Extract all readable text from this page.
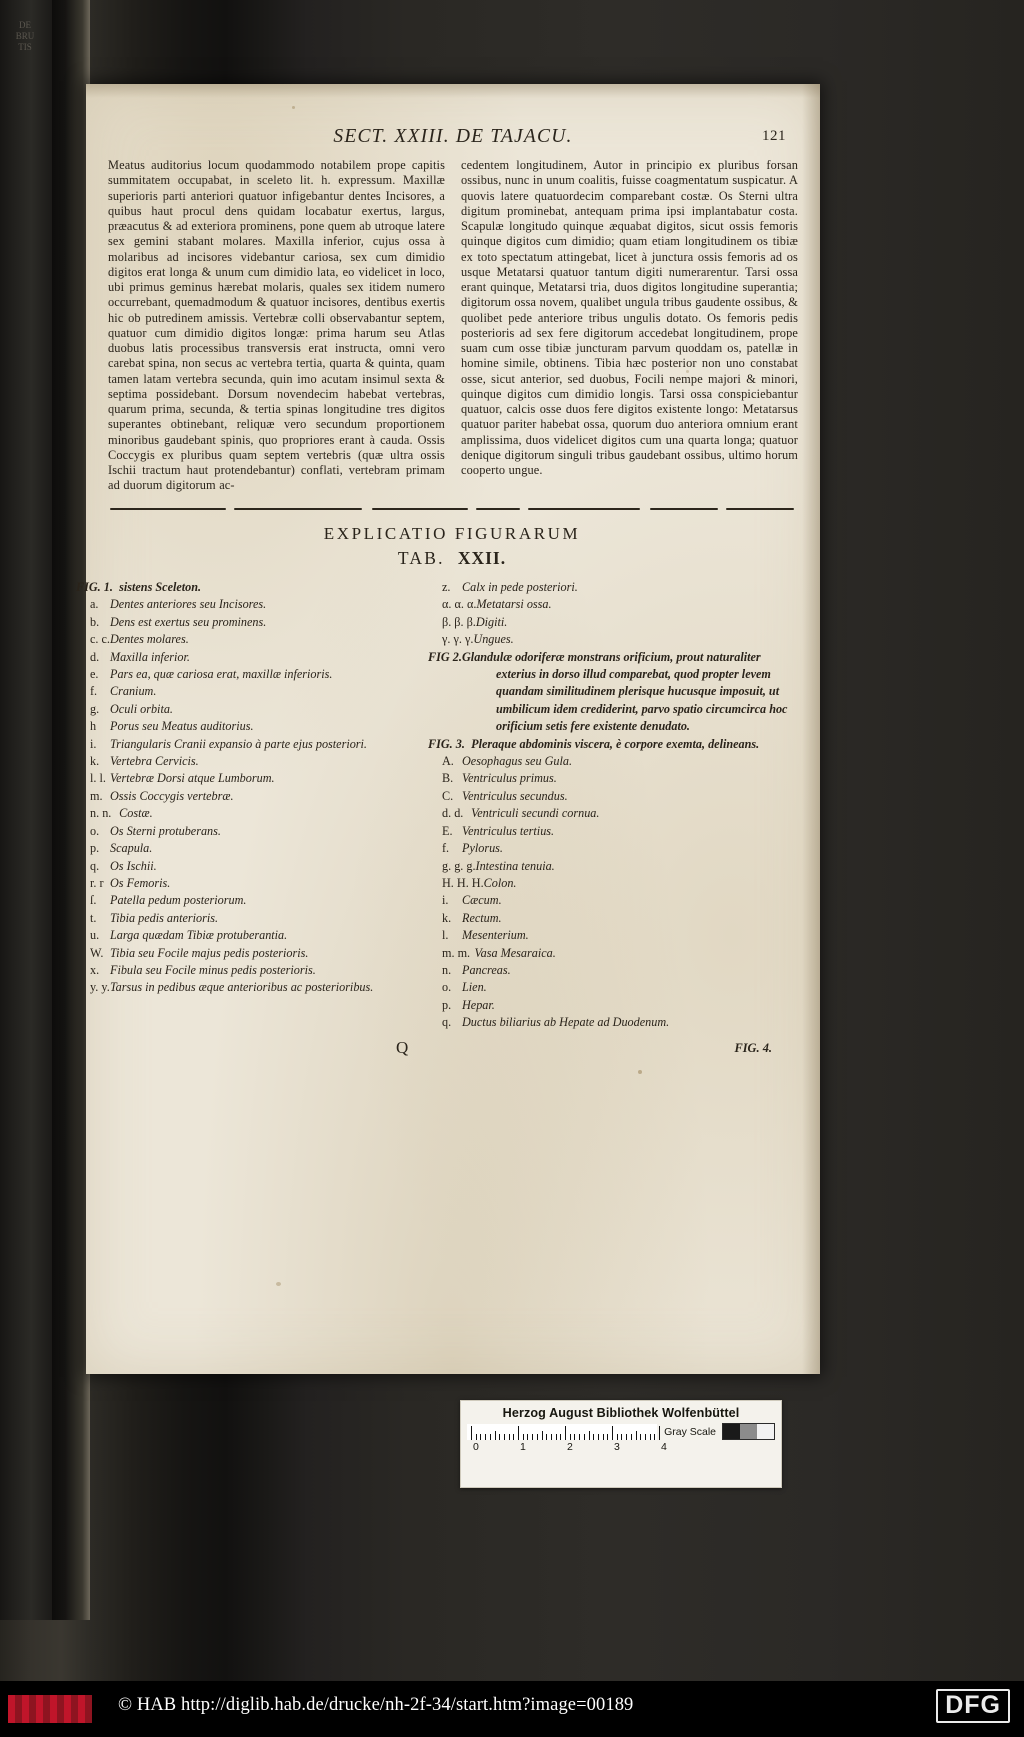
DE
BRU
TIS
SECT. XXIII. DE TAJACU.	121

Meatus auditorius locum quodammodo notabilem prope capitis summitatem occupabat, in sceleto lit. h. expressum. Maxillæ superioris parti anteriori quatuor infigebantur dentes Incisores, a quibus haut procul dens quidam locabatur exertus, largus, præacutus & ad exteriora prominens, pone quem ab utroque latere sex gemini stabant molares. Maxilla inferior, cujus ossa à molaribus ad incisores videbantur cariosa, sex cum dimidio digitos erat longa & unum cum dimidio lata, eo videlicet in loco, ubi primus geminus hærebat molaris, quales sex itidem numero occurrebant, quemadmodum & quatuor incisores, dentibus exertis hic ob putredinem amissis. Vertebræ colli observabantur septem, quatuor cum dimidio digitos longæ: prima harum seu Atlas duobus latis processibus transversis erat instructa, omni vero carebat spina, non secus ac vertebra tertia, quarta & quinta, quam tamen latam vertebra secunda, quin imo acutam insimul sexta & septima possidebant. Dorsum novendecim habebat vertebras, quarum prima, secunda, & tertia spinas longitudine tres digitos superantes obtinebant, reliquæ vero secundum proportionem minoribus gaudebant spinis, quo propriores erant à cauda. Ossis Coccygis ex pluribus quam septem vertebris (quæ ultra ossis Ischii tractum haut protendebantur) conflati, vertebram primam ad duorum digitorum ac-

cedentem longitudinem, Autor in principio ex pluribus forsan ossibus, nunc in unum coalitis, fuisse coagmentatum suspicatur. A quovis latere quatuordecim comparebant costæ. Os Sterni ultra digitum prominebat, antequam prima ipsi implantabatur costa. Scapulæ longitudo quinque æquabat digitos, sicut ossis femoris quinque digitos cum dimidio; quam etiam longitudinem os tibiæ ex toto spectatum attingebat, licet à junctura ossis femoris ad os usque Metatarsi quatuor tantum digiti numerarentur. Tarsi ossa erant quinque, Metatarsi tria, duos digitos longitudine superantia; digitorum ossa novem, qualibet ungula tribus gaudente ossibus, & quolibet pede anteriore tribus ungulis dotato. Os femoris pedis posterioris ad sex fere digitorum accedebat longitudinem, prope suam cum osse tibiæ juncturam parvum quoddam os, patellæ in homine simile, obtinens. Tibia hæc posterior non uno constabat osse, sicut anterior, sed duobus, Focili nempe majori & minori, quinque digitos cum dimidio longis. Tarsi ossa conspiciebantur quatuor, calcis osse duos fere digitos existente longo: Metatarsus quatuor pariter habebat ossa, quorum duo anteriora omnium erant amplissima, duos videlicet digitos cum una quarta longa; quatuor denique digitorum singuli tribus gaudebant ossibus, ultimo horum cooperto ungue.

EXPLICATIO FIGURARUM
TAB. XXII.
FIG. 1.sistens Sceleton.
a.Dentes anteriores seu Incisores.
b.Dens est exertus seu prominens.
c. c.Dentes molares.
d.Maxilla inferior.
e.Pars ea, quæ cariosa erat, maxillæ inferioris.
f.Cranium.
g.Oculi orbita.
hPorus seu Meatus auditorius.
i.Triangularis Cranii expansio à parte ejus posteriori.
k.Vertebra Cervicis.
l. l.Vertebræ Dorsi atque Lumborum.
m.Ossis Coccygis vertebræ.
n. n.Costæ.
o.Os Sterni protuberans.
p.Scapula.
q.Os Ischii.
r. rOs Femoris.
ſ.Patella pedum posteriorum.
t.Tibia pedis anterioris.
u.Larga quædam Tibiæ protuberantia.
W.Tibia seu Focile majus pedis posterioris.
x.Fibula seu Focile minus pedis posterioris.
y. y.Tarsus in pedibus æque anterioribus ac posterioribus.
z.Calx in pede posteriori.
α. α. α.Metatarsi ossa.
β. β. β.Digiti.
γ. γ. γ.Ungues.
FIG 2.Glandulæ odoriferæ monstrans orificium, prout naturaliter exterius in dorso illud comparebat, quod propter levem quandam similitudinem plerisque hucusque imposuit, ut umbilicum idem crediderint, parvo spatio circumcirca hoc orificium setis fere existente denudato.
FIG. 3.Pleraque abdominis viscera, è corpore exemta, delineans.
A.Oesophagus seu Gula.
B.Ventriculus primus.
C.Ventriculus secundus.
d. d.Ventriculi secundi cornua.
E.Ventriculus tertius.
f.Pylorus.
g. g. g.Intestina tenuia.
H. H. H.Colon.
i.Cæcum.
k.Rectum.
l.Mesenterium.
m. m.Vasa Mesaraica.
n.Pancreas.
o.Lien.
p.Hepar.
q.Ductus biliarius ab Hepate ad Duodenum.
Q	FIG. 4.
Herzog August Bibliothek Wolfenbüttel
Gray Scale
0	1	2	3	4
© HAB http://diglib.hab.de/drucke/nh-2f-34/start.htm?image=00189	DFG
